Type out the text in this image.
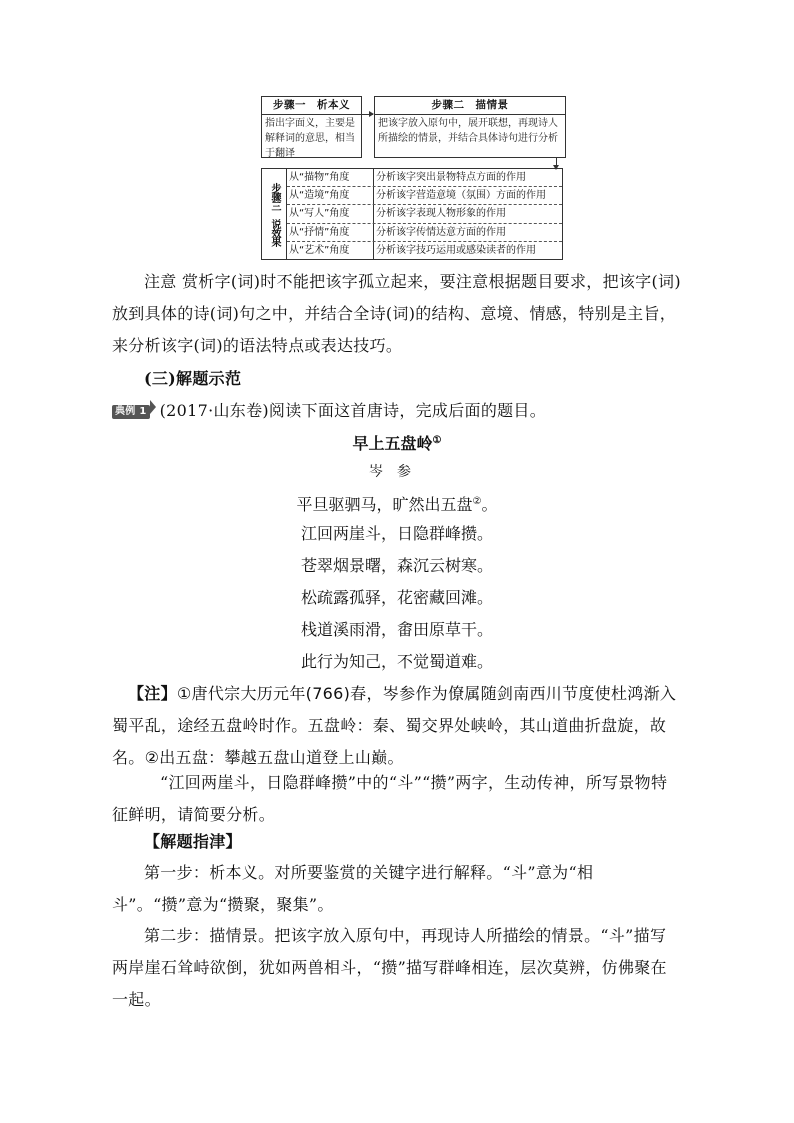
步骤一　析本义
指出字面义，主要是解释词的意思，相当于翻译
步骤二　描情景
把该字放入原句中，展开联想，再现诗人所描绘的情景，并结合具体诗句进行分析
步骤三　说效果
从“描物”角度	分析该字突出景物特点方面的作用
从“造境”角度	分析该字营造意境（氛围）方面的作用
从“写人”角度	分析该字表现人物形象的作用
从“抒情”角度	分析该字传情达意方面的作用
从“艺术”角度	分析该字技巧运用或感染读者的作用
注意 赏析字(词)时不能把该字孤立起来，要注意根据题目要求，把该字(词)放到具体的诗(词)句之中，并结合全诗(词)的结构、意境、情感，特别是主旨，来分析该字(词)的语法特点或表达技巧。
(三)解题示范
典例 1 (2017·山东卷)阅读下面这首唐诗，完成后面的题目。
早上五盘岭①
岑参
平旦驱驷马，旷然出五盘②。
江回两崖斗，日隐群峰攒。
苍翠烟景曙，森沉云树寒。
松疏露孤驿，花密藏回滩。
栈道溪雨滑，畬田原草干。
此行为知己，不觉蜀道难。
【注】①唐代宗大历元年(766)春，岑参作为僚属随剑南西川节度使杜鸿渐入蜀平乱，途经五盘岭时作。五盘岭：秦、蜀交界处峡岭，其山道曲折盘旋，故名。②出五盘：攀越五盘山道登上山巅。
“江回两崖斗，日隐群峰攒”中的“斗”“攒”两字，生动传神，所写景物特征鲜明，请简要分析。
【解题指津】
第一步：析本义。对所要鉴赏的关键字进行解释。“斗”意为“相斗”。“攒”意为“攒聚，聚集”。
第二步：描情景。把该字放入原句中，再现诗人所描绘的情景。“斗”描写两岸崖石耸峙欲倒，犹如两兽相斗，“攒”描写群峰相连，层次莫辨，仿佛聚在一起。
